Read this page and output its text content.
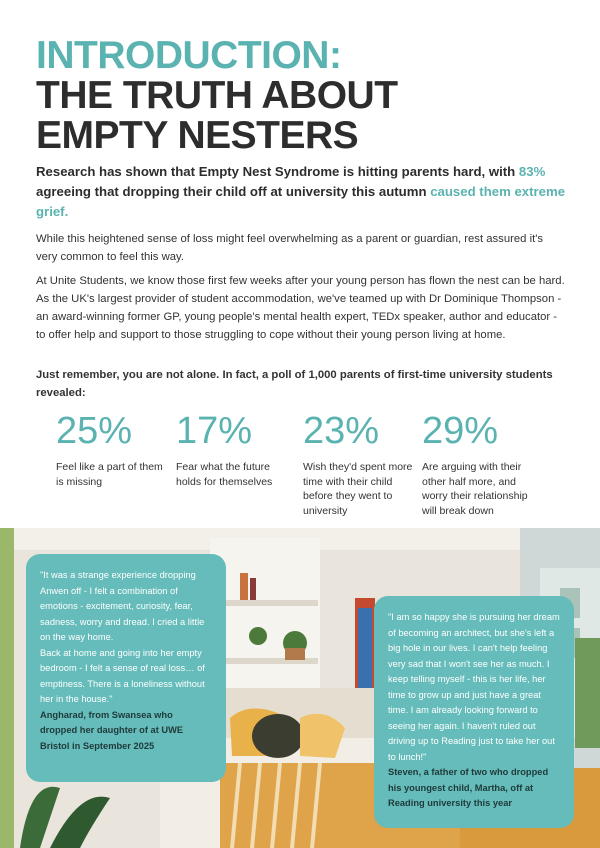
INTRODUCTION:
THE TRUTH ABOUT
EMPTY NESTERS

Research has shown that Empty Nest Syndrome is hitting parents hard, with 83% agreeing that dropping their child off at university this autumn caused them extreme grief.

While this heightened sense of loss might feel overwhelming as a parent or guardian, rest assured it's very common to feel this way.

At Unite Students, we know those first few weeks after your young person has flown the nest can be hard. As the UK's largest provider of student accommodation, we've teamed up with Dr Dominique Thompson - an award-winning former GP, young people's mental health expert, TEDx speaker, author and educator - to offer help and support to those struggling to cope without their young person living at home.

Just remember, you are not alone. In fact, a poll of 1,000 parents of first-time university students revealed:

25%
Feel like a part of them is missing
17%
Fear what the future holds for themselves
23%
Wish they'd spent more time with their child before they went to university
29%
Are arguing with their other half more, and worry their relationship will break down

"It was a strange experience dropping Anwen off - I felt a combination of emotions - excitement, curiosity, fear, sadness, worry and dread. I cried a little on the way home.
Back at home and going into her empty bedroom - I felt a sense of real loss… of emptiness. There is a loneliness without her in the house."

Angharad, from Swansea who dropped her daughter of at UWE Bristol in September 2025

"I am so happy she is pursuing her dream of becoming an architect, but she's left a big hole in our lives. I can't help feeling very sad that I won't see her as much. I keep telling myself - this is her life, her time to grow up and just have a great time. I am already looking forward to seeing her again. I haven't ruled out driving up to Reading just to take her out to lunch!"

Steven, a father of two who dropped his youngest child, Martha, off at Reading university this year
